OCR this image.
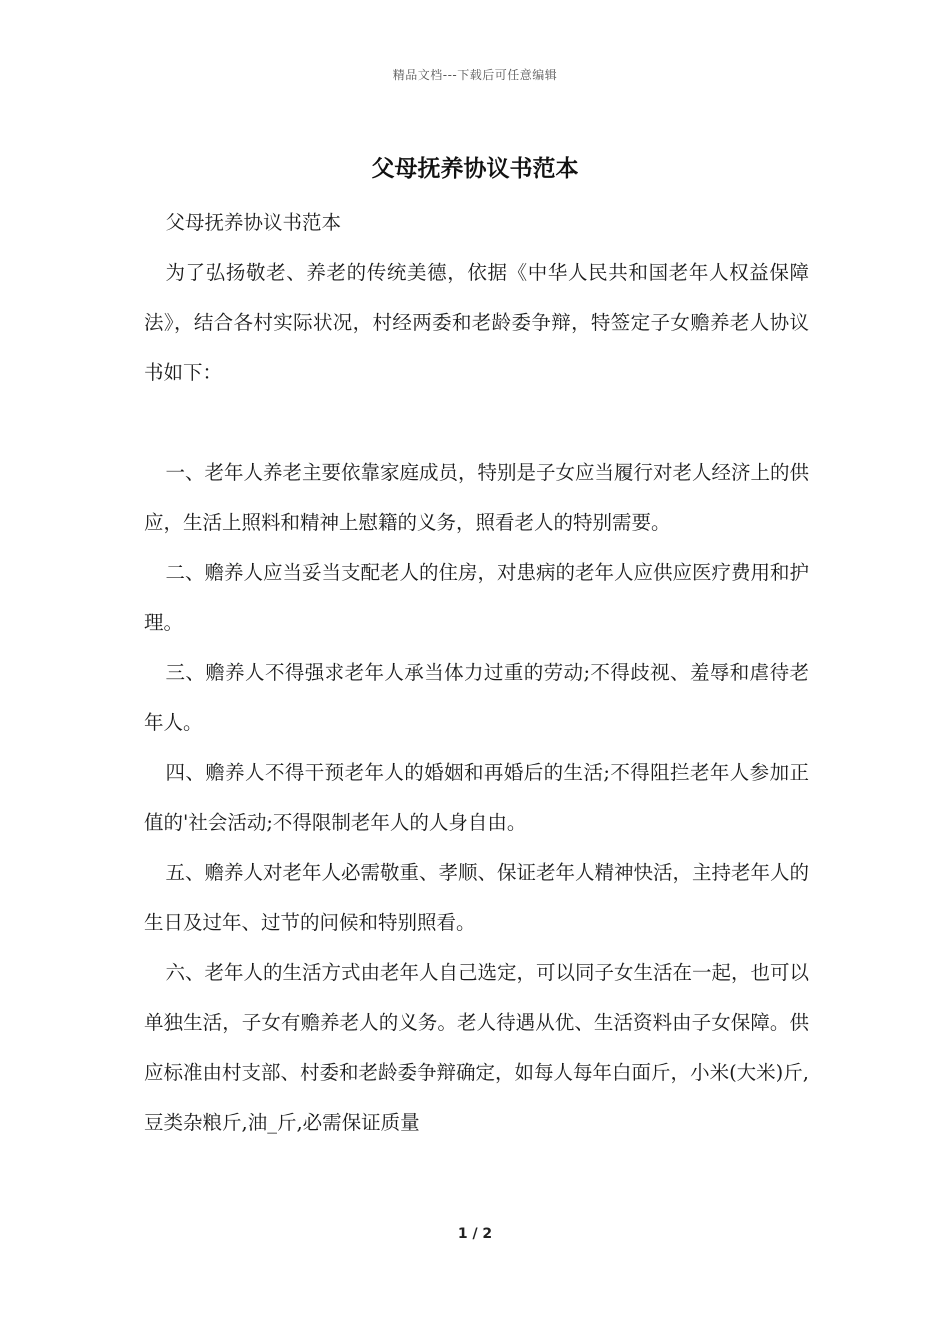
精品文档---下载后可任意编辑
父母抚养协议书范本

父母抚养协议书范本

为了弘扬敬老、养老的传统美德，依据《中华人民共和国老年人权益保障法》，结合各村实际状况，村经两委和老龄委争辩，特签定子女赡养老人协议书如下：

一、老年人养老主要依靠家庭成员，特别是子女应当履行对老人经济上的供应，生活上照料和精神上慰籍的义务，照看老人的特别需要。

二、赡养人应当妥当支配老人的住房，对患病的老年人应供应医疗费用和护理。

三、赡养人不得强求老年人承当体力过重的劳动;不得歧视、羞辱和虐待老年人。

四、赡养人不得干预老年人的婚姻和再婚后的生活;不得阻拦老年人参加正值的'社会活动;不得限制老年人的人身自由。

五、赡养人对老年人必需敬重、孝顺、保证老年人精神快活，主持老年人的生日及过年、过节的问候和特别照看。

六、老年人的生活方式由老年人自己选定，可以同子女生活在一起，也可以单独生活，子女有赡养老人的义务。老人待遇从优、生活资料由子女保障。供应标准由村支部、村委和老龄委争辩确定，如每人每年白面斤，小米(大米)斤,豆类杂粮斤,油_斤,必需保证质量

1 / 2
